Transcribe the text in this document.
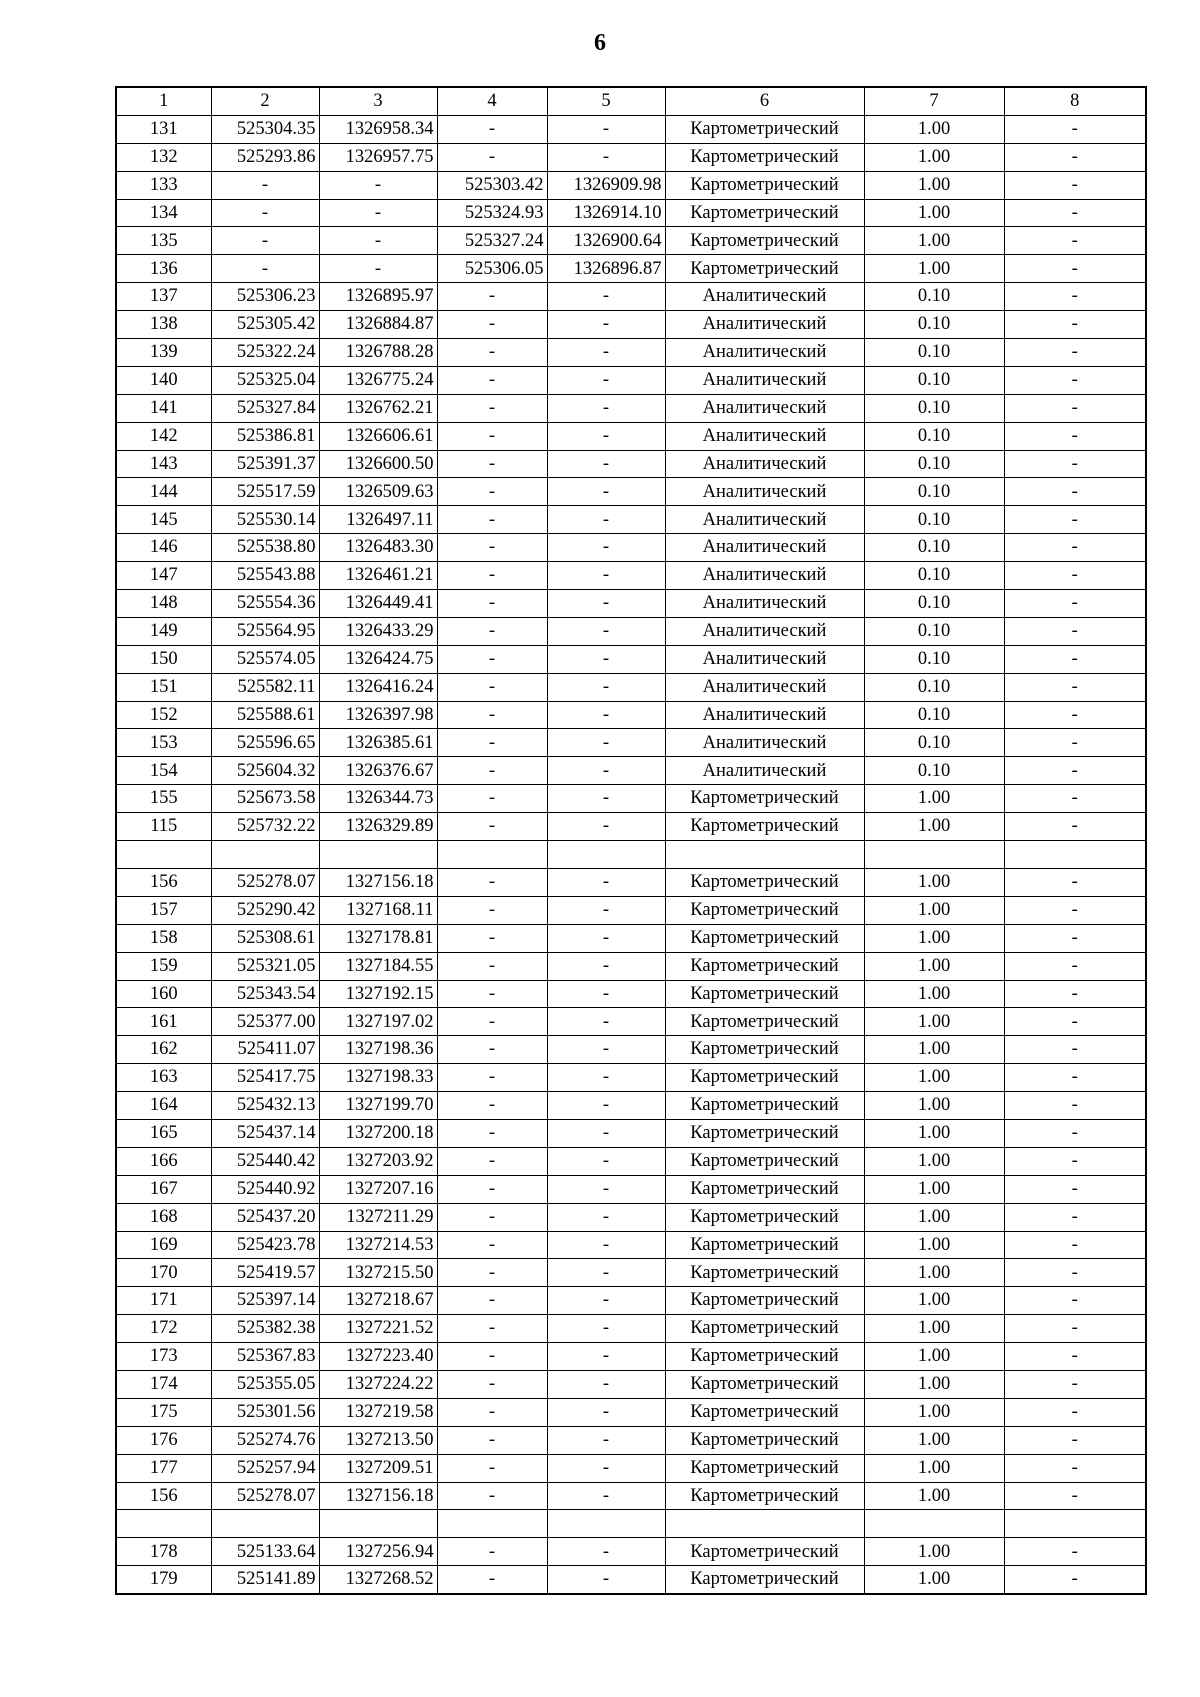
6
1	2	3	4	5	6	7	8
131	525304.35	1326958.34	-	-	Картометрический	1.00	-
132	525293.86	1326957.75	-	-	Картометрический	1.00	-
133	-	-	525303.42	1326909.98	Картометрический	1.00	-
134	-	-	525324.93	1326914.10	Картометрический	1.00	-
135	-	-	525327.24	1326900.64	Картометрический	1.00	-
136	-	-	525306.05	1326896.87	Картометрический	1.00	-
137	525306.23	1326895.97	-	-	Аналитический	0.10	-
138	525305.42	1326884.87	-	-	Аналитический	0.10	-
139	525322.24	1326788.28	-	-	Аналитический	0.10	-
140	525325.04	1326775.24	-	-	Аналитический	0.10	-
141	525327.84	1326762.21	-	-	Аналитический	0.10	-
142	525386.81	1326606.61	-	-	Аналитический	0.10	-
143	525391.37	1326600.50	-	-	Аналитический	0.10	-
144	525517.59	1326509.63	-	-	Аналитический	0.10	-
145	525530.14	1326497.11	-	-	Аналитический	0.10	-
146	525538.80	1326483.30	-	-	Аналитический	0.10	-
147	525543.88	1326461.21	-	-	Аналитический	0.10	-
148	525554.36	1326449.41	-	-	Аналитический	0.10	-
149	525564.95	1326433.29	-	-	Аналитический	0.10	-
150	525574.05	1326424.75	-	-	Аналитический	0.10	-
151	525582.11	1326416.24	-	-	Аналитический	0.10	-
152	525588.61	1326397.98	-	-	Аналитический	0.10	-
153	525596.65	1326385.61	-	-	Аналитический	0.10	-
154	525604.32	1326376.67	-	-	Аналитический	0.10	-
155	525673.58	1326344.73	-	-	Картометрический	1.00	-
115	525732.22	1326329.89	-	-	Картометрический	1.00	-

156	525278.07	1327156.18	-	-	Картометрический	1.00	-
157	525290.42	1327168.11	-	-	Картометрический	1.00	-
158	525308.61	1327178.81	-	-	Картометрический	1.00	-
159	525321.05	1327184.55	-	-	Картометрический	1.00	-
160	525343.54	1327192.15	-	-	Картометрический	1.00	-
161	525377.00	1327197.02	-	-	Картометрический	1.00	-
162	525411.07	1327198.36	-	-	Картометрический	1.00	-
163	525417.75	1327198.33	-	-	Картометрический	1.00	-
164	525432.13	1327199.70	-	-	Картометрический	1.00	-
165	525437.14	1327200.18	-	-	Картометрический	1.00	-
166	525440.42	1327203.92	-	-	Картометрический	1.00	-
167	525440.92	1327207.16	-	-	Картометрический	1.00	-
168	525437.20	1327211.29	-	-	Картометрический	1.00	-
169	525423.78	1327214.53	-	-	Картометрический	1.00	-
170	525419.57	1327215.50	-	-	Картометрический	1.00	-
171	525397.14	1327218.67	-	-	Картометрический	1.00	-
172	525382.38	1327221.52	-	-	Картометрический	1.00	-
173	525367.83	1327223.40	-	-	Картометрический	1.00	-
174	525355.05	1327224.22	-	-	Картометрический	1.00	-
175	525301.56	1327219.58	-	-	Картометрический	1.00	-
176	525274.76	1327213.50	-	-	Картометрический	1.00	-
177	525257.94	1327209.51	-	-	Картометрический	1.00	-
156	525278.07	1327156.18	-	-	Картометрический	1.00	-

178	525133.64	1327256.94	-	-	Картометрический	1.00	-
179	525141.89	1327268.52	-	-	Картометрический	1.00	-
